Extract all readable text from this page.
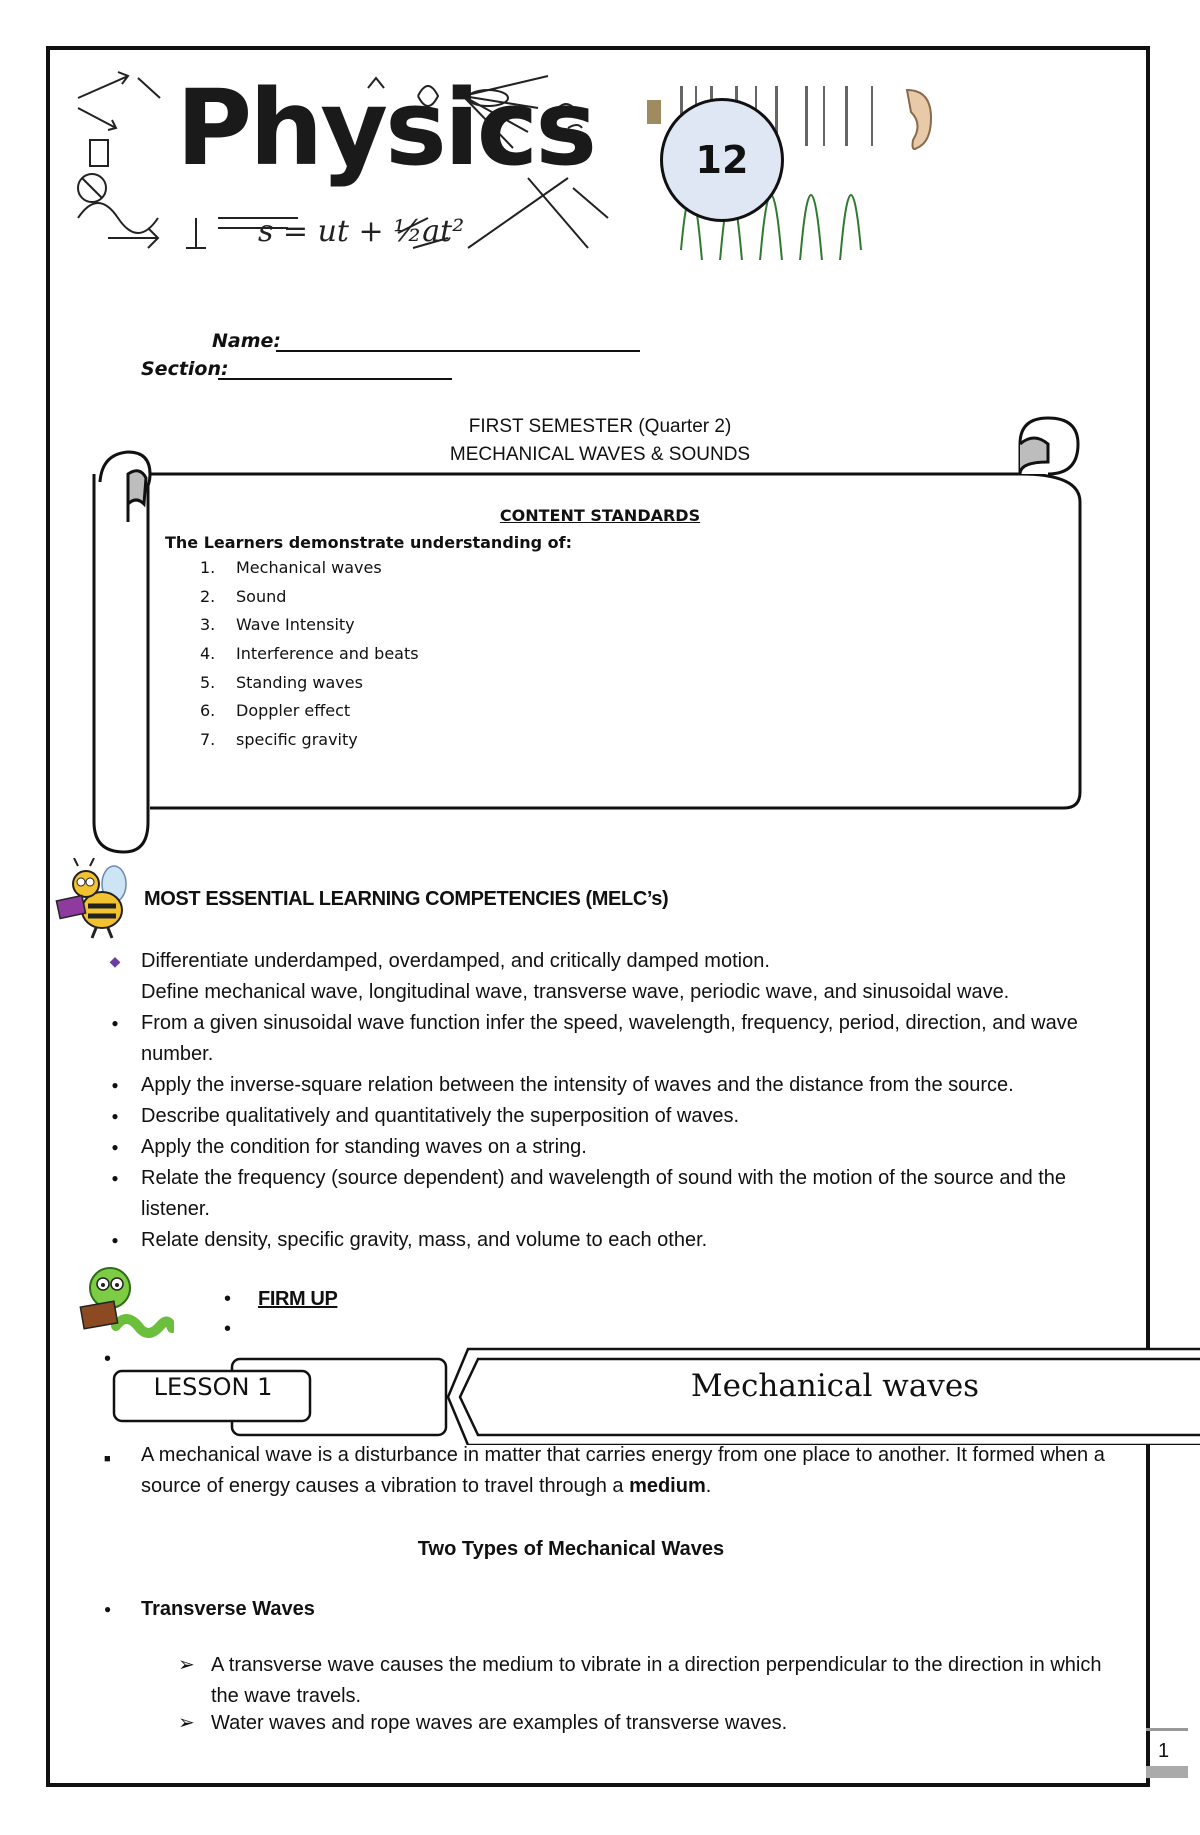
Physics
s = ut + ½at²
12
Name:
Section:
FIRST SEMESTER (Quarter 2)
MECHANICAL WAVES & SOUNDS
CONTENT STANDARDS
The Learners demonstrate understanding of:
1.	Mechanical waves
2.	Sound
3.	Wave Intensity
4.	Interference and beats
5.	Standing waves
6.	Doppler effect
7.	specific gravity
MOST ESSENTIAL LEARNING COMPETENCIES (MELC’s)
◆ Differentiate underdamped, overdamped, and critically damped motion.
Define mechanical wave, longitudinal wave, transverse wave, periodic wave, and sinusoidal wave.
●	From a given sinusoidal wave function infer the speed, wavelength, frequency, period, direction, and wave number.
●	Apply the inverse-square relation between the intensity of waves and the distance from the source.
●	Describe qualitatively and quantitatively the superposition of waves.
●	Apply the condition for standing waves on a string.
●	Relate the frequency (source dependent) and wavelength of sound with the motion of the source and the listener.
●	Relate density, specific gravity, mass, and volume to each other.
• FIRM UP
•
•
LESSON 1	Mechanical waves
■ A mechanical wave is a disturbance in matter that carries energy from one place to another. It formed when a source of energy causes a vibration to travel through a medium.
Two Types of Mechanical Waves
● Transverse Waves
➢ A transverse wave causes the medium to vibrate in a direction perpendicular to the direction in which the wave travels.
➢ Water waves and rope waves are examples of transverse waves.
1
